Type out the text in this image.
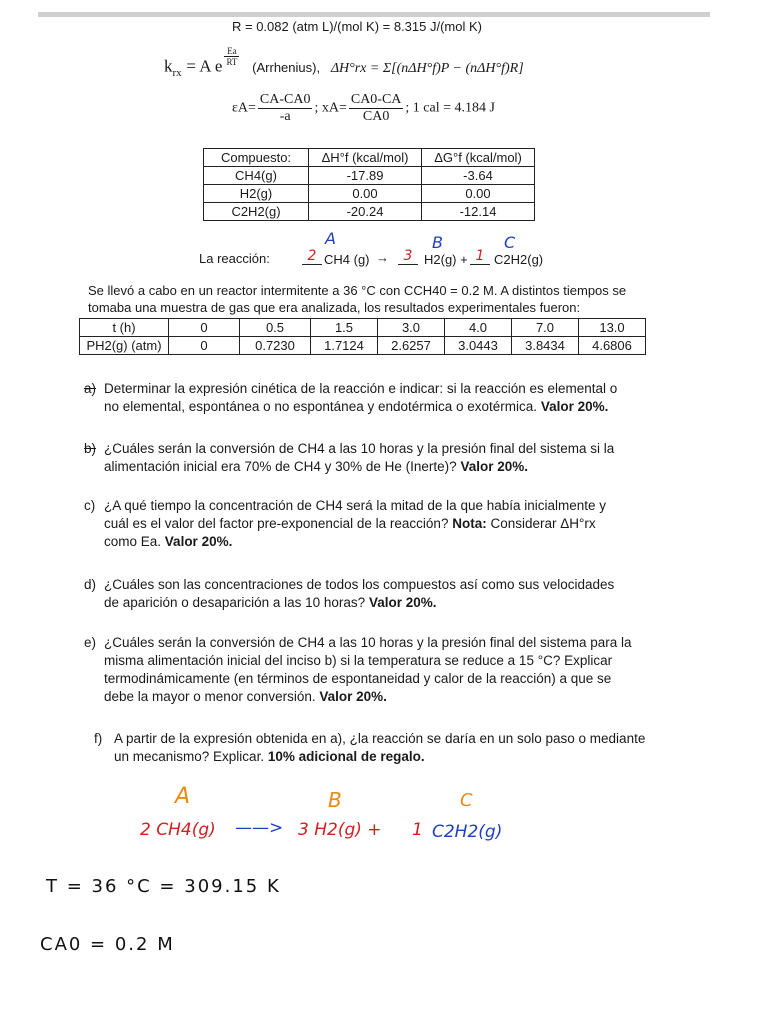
R = 0.082 (atm L)/(mol K) = 8.315 J/(mol K)
$k_{rx} = A$ e $\frac{Ea}{RT}$
(Arrhenius), ΔH°rx = Σ[(nΔH°f)P − (nΔH°f)R]
$\varepsilon A= \frac{CA-CA0}{-a}$ ; $xA= \frac{CA0-CA}{CA0}$ ; 1 cal = 4.184 J
Compuesto:	ΔH°f (kcal/mol)	ΔG°f (kcal/mol)
CH4(g)	-17.89	-3.64
H2(g)	0.00	0.00
C2H2(g)	-20.24	-12.14
A	B	C
La reacción:	2 CH4 (g) →	3 H2(g) + 1 C2H2(g)
Se llevó a cabo en un reactor intermitente a 36 °C con CCH40 = 0.2 M. A distintos tiempos se
tomaba una muestra de gas que era analizada, los resultados experimentales fueron:
t (h)	0	0.5	1.5	3.0	4.0	7.0	13.0
PH2(g) (atm)	0	0.7230	1.7124	2.6257	3.0443	3.8434	4.6806
a) Determinar la expresión cinética de la reacción e indicar: si la reacción es elemental o
no elemental, espontánea o no espontánea y endotérmica o exotérmica. Valor 20%.
b) ¿Cuáles serán la conversión de CH4 a las 10 horas y la presión final del sistema si la
alimentación inicial era 70% de CH4 y 30% de He (Inerte)? Valor 20%.
c) ¿A qué tiempo la concentración de CH4 será la mitad de la que había inicialmente y
cuál es el valor del factor pre-exponencial de la reacción? Nota: Considerar ΔH°rx
como Ea. Valor 20%.
d) ¿Cuáles son las concentraciones de todos los compuestos así como sus velocidades
de aparición o desaparición a las 10 horas? Valor 20%.
e) ¿Cuáles serán la conversión de CH4 a las 10 horas y la presión final del sistema para la
misma alimentación inicial del inciso b) si la temperatura se reduce a 15 °C? Explicar
termodinámicamente (en términos de espontaneidad y calor de la reacción) a que se
debe la mayor o menor conversión. Valor 20%.
f) A partir de la expresión obtenida en a), ¿la reacción se daría en un solo paso o mediante
un mecanismo? Explicar. 10% adicional de regalo.
A	B	C
2 CH4(g) ——> 3 H2(g) + 1 C2H2(g)
T = 36 °C = 309.15 K
CA0 = 0.2 M
